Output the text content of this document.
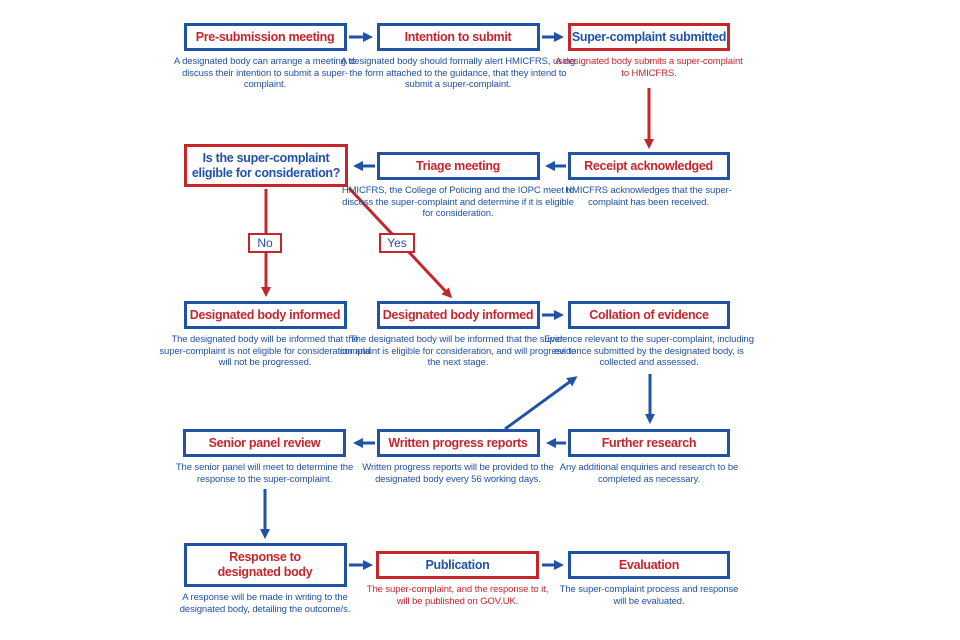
Pre-submission meeting
A designated body can arrange a meeting to discuss their intention to submit a super-complaint.
Intention to submit
A designated body should formally alert HMICFRS, using the form attached to the guidance, that they intend to submit a super-complaint.
Super-complaint submitted
A designated body submits a super-complaint to HMICFRS.
Is the super-complaint
eligible for consideration?	Triage meeting
HMICFRS, the College of Policing and the IOPC meet to discuss the super-complaint and determine if it is eligible for consideration.
Receipt acknowledged
HMICFRS acknowledges that the super-complaint has been received.
No	Yes
Designated body informed
The designated body will be informed that the super-complaint is not eligible for consideration and will not be progressed.
Designated body informed
The designated body will be informed that the super-complaint is eligible for consideration, and will progress to the next stage.
Collation of evidence
Evidence relevant to the super-complaint, including evidence submitted by the designated body, is collected and assessed.
Senior panel review
The senior panel will meet to determine the response to the super-complaint.
Written progress reports
Written progress reports will be provided to the designated body every 56 working days.
Further research
Any additional enquiries and research to be completed as necessary.
Response to
designated body
A response will be made in writing to the designated body, detailing the outcome/s.
Publication
The super-complaint, and the response to it, will be published on GOV.UK.
Evaluation
The super-complaint process and response will be evaluated.
